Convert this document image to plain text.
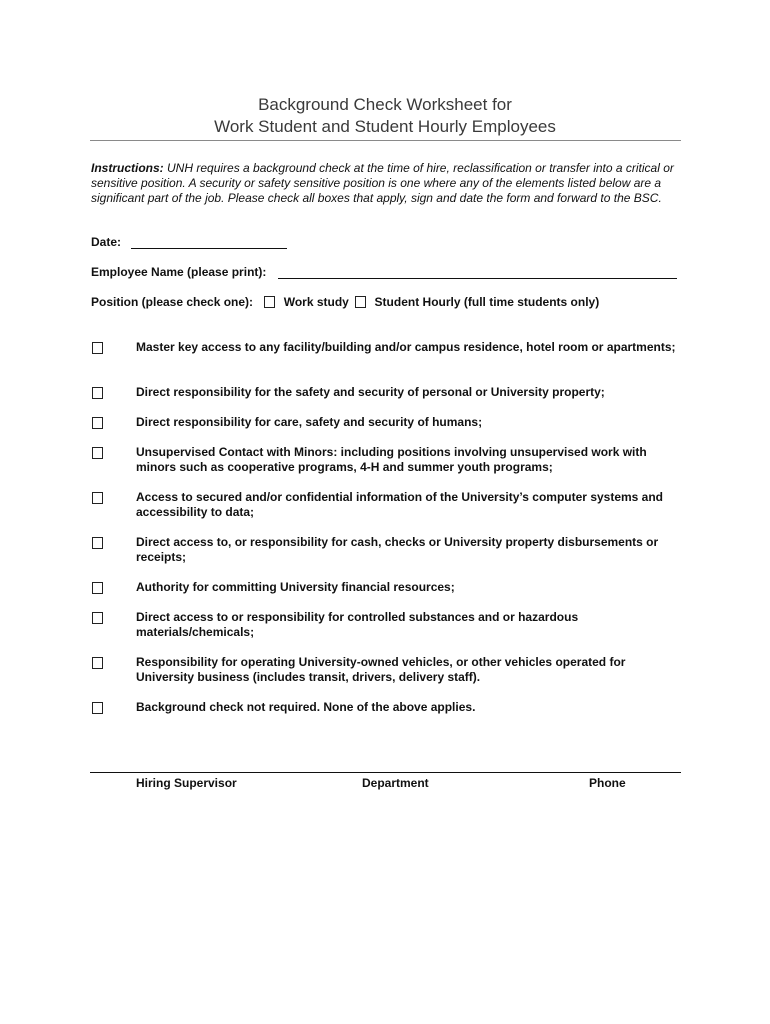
Background Check Worksheet for
Work Student and Student Hourly Employees
Instructions: UNH requires a background check at the time of hire, reclassification or transfer into a critical or sensitive position. A security or safety sensitive position is one where any of the elements listed below are a significant part of the job. Please check all boxes that apply, sign and date the form and forward to the BSC.
Date:
Employee Name (please print):
Position (please check one):	Work study Student Hourly (full time students only)
Master key access to any facility/building and/or campus residence, hotel room or apartments;
Direct responsibility for the safety and security of personal or University property;
Direct responsibility for care, safety and security of humans;
Unsupervised Contact with Minors: including positions involving unsupervised work with minors such as cooperative programs, 4-H and summer youth programs;
Access to secured and/or confidential information of the University’s computer systems and accessibility to data;
Direct access to, or responsibility for cash, checks or University property disbursements or receipts;
Authority for committing University financial resources;
Direct access to or responsibility for controlled substances and or hazardous materials/chemicals;
Responsibility for operating University-owned vehicles, or other vehicles operated for University business (includes transit, drivers, delivery staff).
Background check not required. None of the above applies.
Hiring Supervisor	Department	Phone
